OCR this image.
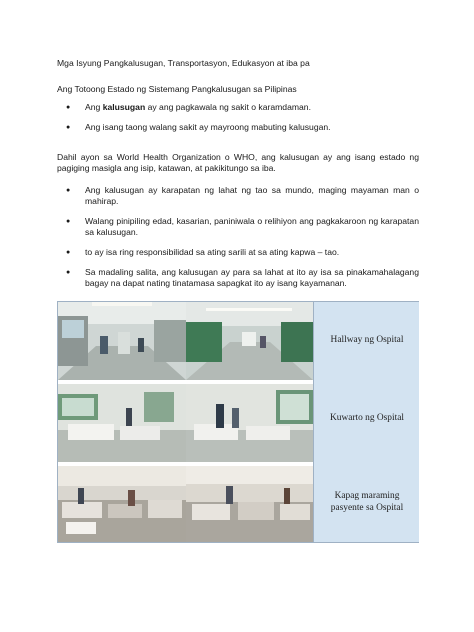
Mga Isyung Pangkalusugan, Transportasyon, Edukasyon at iba pa
Ang Totoong Estado ng Sistemang Pangkalusugan sa Pilipinas
● Ang kalusugan ay ang pagkawala ng sakit o karamdaman.
● Ang isang taong walang sakit ay mayroong mabuting kalusugan.
Dahil ayon sa World Health Organization o WHO, ang kalusugan ay ang isang estado ng pagiging masigla ang isip, katawan, at pakikitungo sa iba.
● Ang kalusugan ay karapatan ng lahat ng tao sa mundo, maging mayaman man o mahirap.
● Walang pinipiling edad, kasarian, paniniwala o relihiyon ang pagkakaroon ng karapatan sa kalusugan.
● to ay isa ring responsibilidad sa ating sarili at sa ating kapwa – tao.
● Sa madaling salita, ang kalusugan ay para sa lahat at ito ay isa sa pinakamahalagang bagay na dapat nating tinatamasa sapagkat ito ay isang kayamanan.
Hallway ng Ospital
Kuwarto ng Ospital
Kapag maraming
pasyente sa Ospital
